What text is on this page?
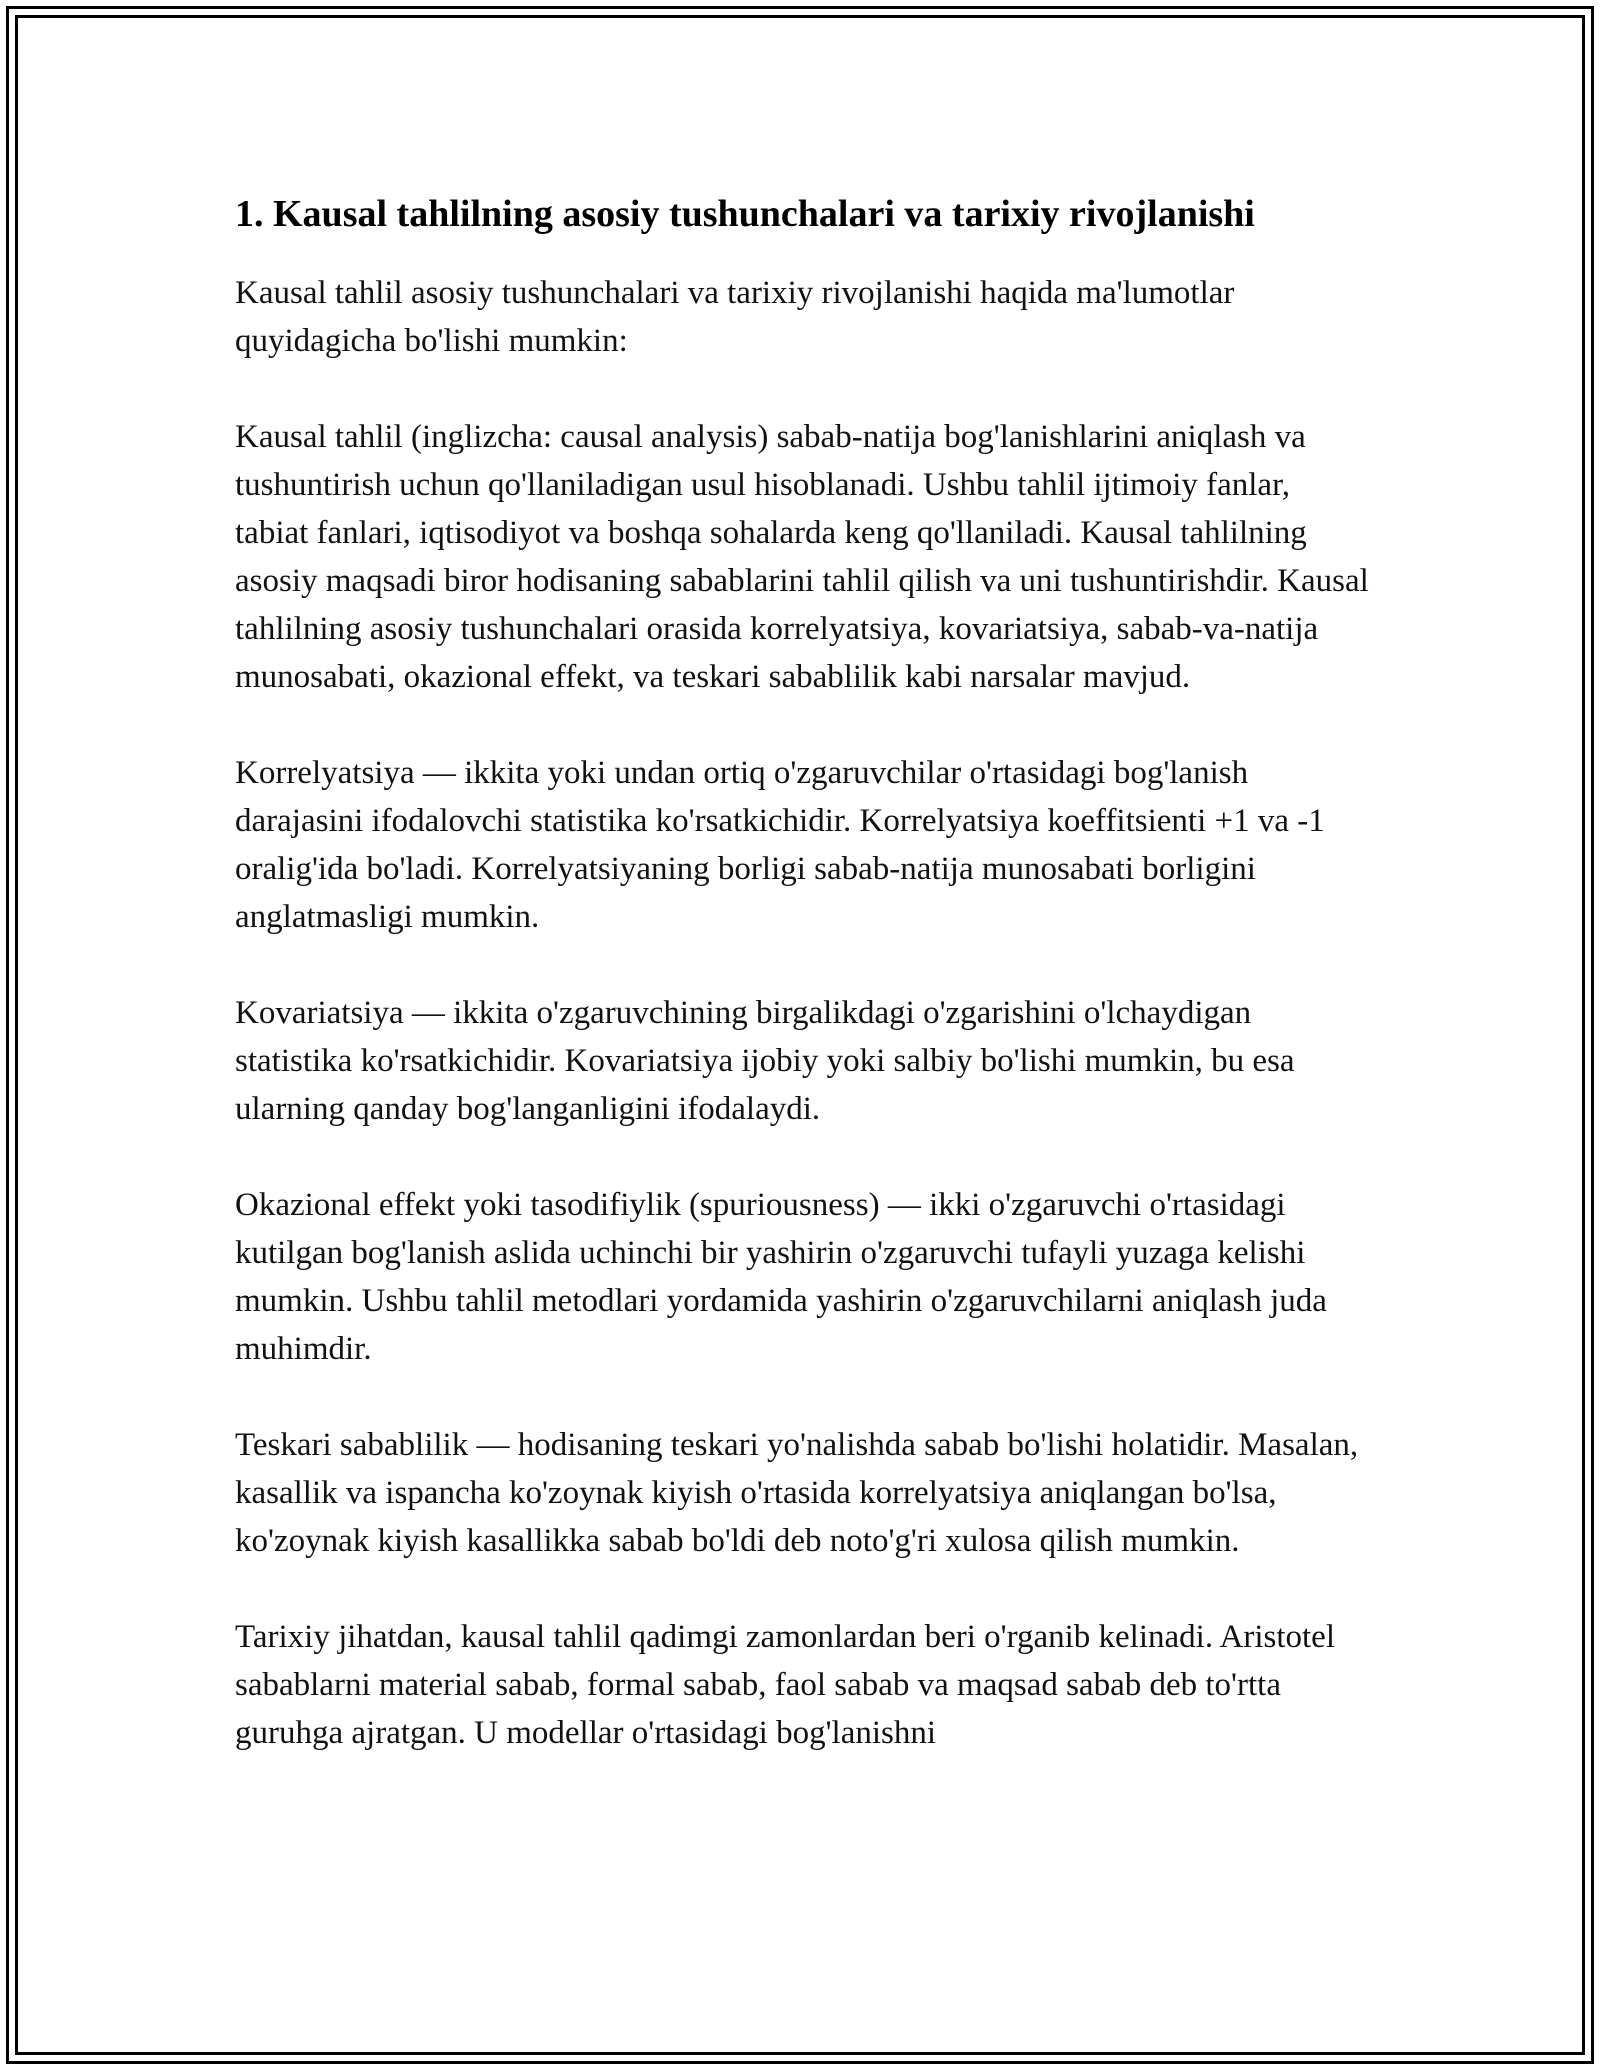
1. Kausal tahlilning asosiy tushunchalari va tarixiy rivojlanishi

Kausal tahlil asosiy tushunchalari va tarixiy rivojlanishi haqida ma'lumotlar quyidagicha bo'lishi mumkin:

Kausal tahlil (inglizcha: causal analysis) sabab-natija bog'lanishlarini aniqlash va tushuntirish uchun qo'llaniladigan usul hisoblanadi. Ushbu tahlil ijtimoiy fanlar, tabiat fanlari, iqtisodiyot va boshqa sohalarda keng qo'llaniladi. Kausal tahlilning asosiy maqsadi biror hodisaning sabablarini tahlil qilish va uni tushuntirishdir. Kausal tahlilning asosiy tushunchalari orasida korrelyatsiya, kovariatsiya, sabab-va-natija munosabati, okazional effekt, va teskari sabablilik kabi narsalar mavjud.

Korrelyatsiya — ikkita yoki undan ortiq o'zgaruvchilar o'rtasidagi bog'lanish darajasini ifodalovchi statistika ko'rsatkichidir. Korrelyatsiya koeffitsienti +1 va -1 oralig'ida bo'ladi. Korrelyatsiyaning borligi sabab-natija munosabati borligini anglatmasligi mumkin.

Kovariatsiya — ikkita o'zgaruvchining birgalikdagi o'zgarishini o'lchaydigan statistika ko'rsatkichidir. Kovariatsiya ijobiy yoki salbiy bo'lishi mumkin, bu esa ularning qanday bog'langanligini ifodalaydi.

Okazional effekt yoki tasodifiylik (spuriousness) — ikki o'zgaruvchi o'rtasidagi kutilgan bog'lanish aslida uchinchi bir yashirin o'zgaruvchi tufayli yuzaga kelishi mumkin. Ushbu tahlil metodlari yordamida yashirin o'zgaruvchilarni aniqlash juda muhimdir.

Teskari sabablilik — hodisaning teskari yo'nalishda sabab bo'lishi holatidir. Masalan, kasallik va ispancha ko'zoynak kiyish o'rtasida korrelyatsiya aniqlangan bo'lsa, ko'zoynak kiyish kasallikka sabab bo'ldi deb noto'g'ri xulosa qilish mumkin.

Tarixiy jihatdan, kausal tahlil qadimgi zamonlardan beri o'rganib kelinadi. Aristotel sabablarni material sabab, formal sabab, faol sabab va maqsad sabab deb to'rtta guruhga ajratgan. U modellar o'rtasidagi bog'lanishni
